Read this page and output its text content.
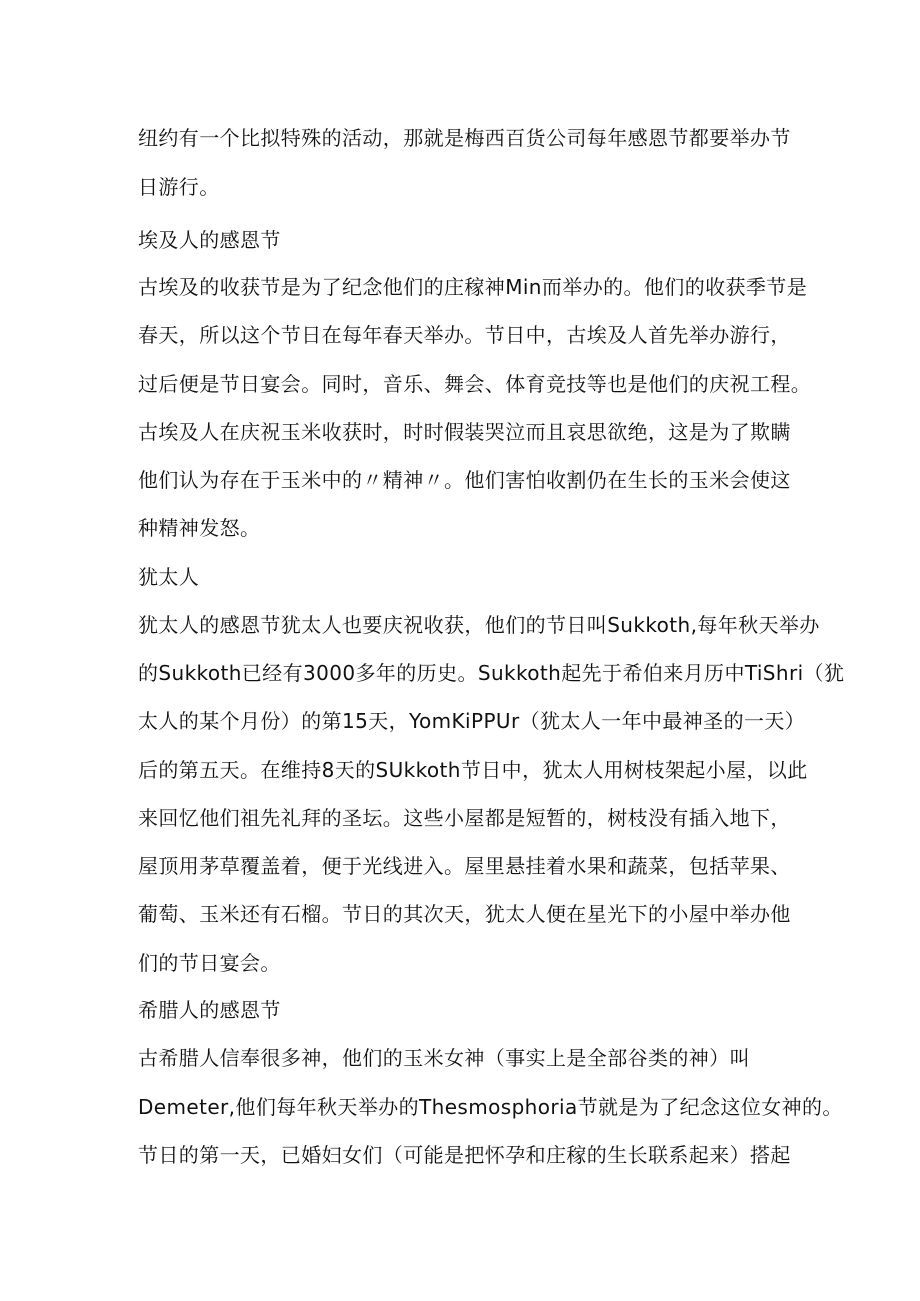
纽约有一个比拟特殊的活动，那就是梅西百货公司每年感恩节都要举办节
日游行。
埃及人的感恩节
古埃及的收获节是为了纪念他们的庄稼神Min而举办的。他们的收获季节是
春天，所以这个节日在每年春天举办。节日中，古埃及人首先举办游行，
过后便是节日宴会。同时，音乐、舞会、体育竞技等也是他们的庆祝工程。
古埃及人在庆祝玉米收获时，时时假装哭泣而且哀思欲绝，这是为了欺瞒
他们认为存在于玉米中的〃精神〃。他们害怕收割仍在生长的玉米会使这
种精神发怒。
犹太人
犹太人的感恩节犹太人也要庆祝收获，他们的节日叫Sukkoth,每年秋天举办
的Sukkoth已经有3000多年的历史。Sukkoth起先于希伯来月历中TiShri（犹
太人的某个月份）的第15天，YomKiPPUr（犹太人一年中最神圣的一天）
后的第五天。在维持8天的SUkkoth节日中，犹太人用树枝架起小屋，以此
来回忆他们祖先礼拜的圣坛。这些小屋都是短暂的，树枝没有插入地下，
屋顶用茅草覆盖着，便于光线进入。屋里悬挂着水果和蔬菜，包括苹果、
葡萄、玉米还有石榴。节日的其次天，犹太人便在星光下的小屋中举办他
们的节日宴会。
希腊人的感恩节
古希腊人信奉很多神，他们的玉米女神（事实上是全部谷类的神）叫
Demeter,他们每年秋天举办的Thesmosphoria节就是为了纪念这位女神的。
节日的第一天，已婚妇女们（可能是把怀孕和庄稼的生长联系起来）搭起
